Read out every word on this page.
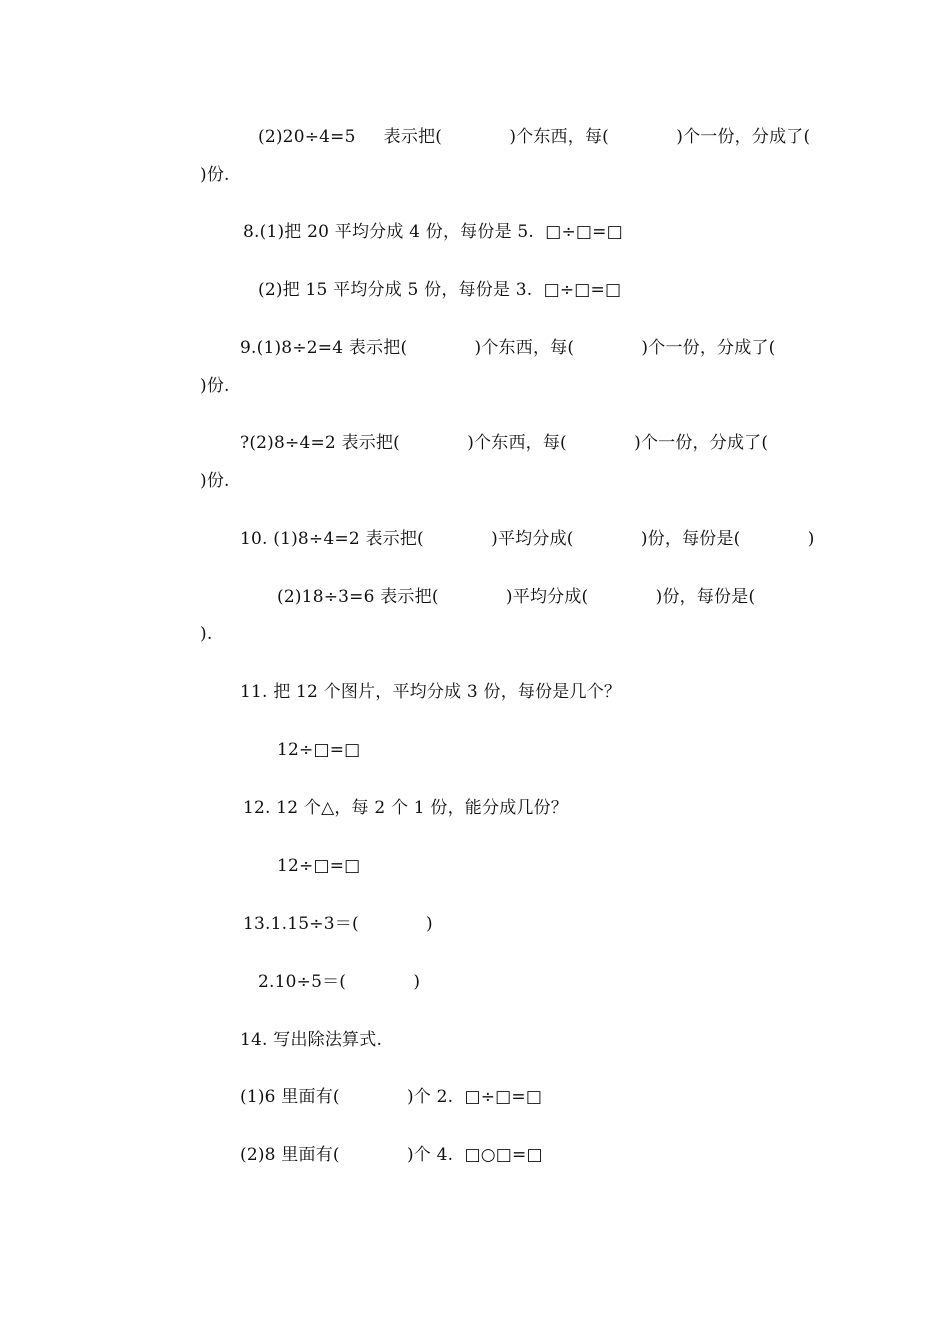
(2)20÷4=5     表示把(            )个东西，每(            )个一份，分成了(
)份.
8.(1)把 20 平均分成 4 份，每份是 5.  □÷□=□
(2)把 15 平均分成 5 份，每份是 3.  □÷□=□
9.(1)8÷2=4 表示把(            )个东西，每(            )个一份，分成了(
)份.
?(2)8÷4=2 表示把(            )个东西，每(            )个一份，分成了(
)份.
10. (1)8÷4=2 表示把(            )平均分成(            )份，每份是(            )
(2)18÷3=6 表示把(            )平均分成(            )份，每份是(
).
11. 把 12 个图片，平均分成 3 份，每份是几个？
12÷□=□
12. 12 个△，每 2 个 1 份，能分成几份？
12÷□=□
13.1.15÷3＝(            )
2.10÷5＝(            )
14. 写出除法算式.
(1)6 里面有(            )个 2.  □÷□=□
(2)8 里面有(            )个 4.  □○□=□
